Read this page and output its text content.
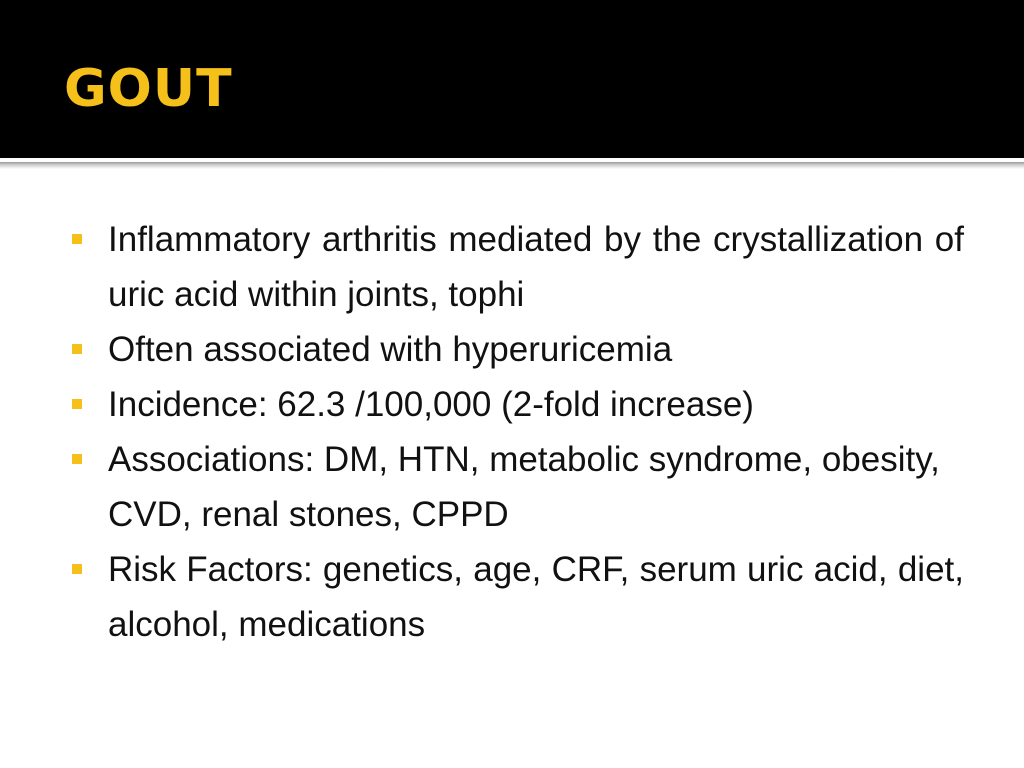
GOUT
Inflammatory arthritis mediated by the crystallization of uric acid within joints, tophi
Often associated with hyperuricemia
Incidence: 62.3 /100,000 (2-fold increase)
Associations: DM, HTN, metabolic syndrome, obesity, CVD, renal stones, CPPD
Risk Factors: genetics, age, CRF, serum uric acid, diet, alcohol, medications
